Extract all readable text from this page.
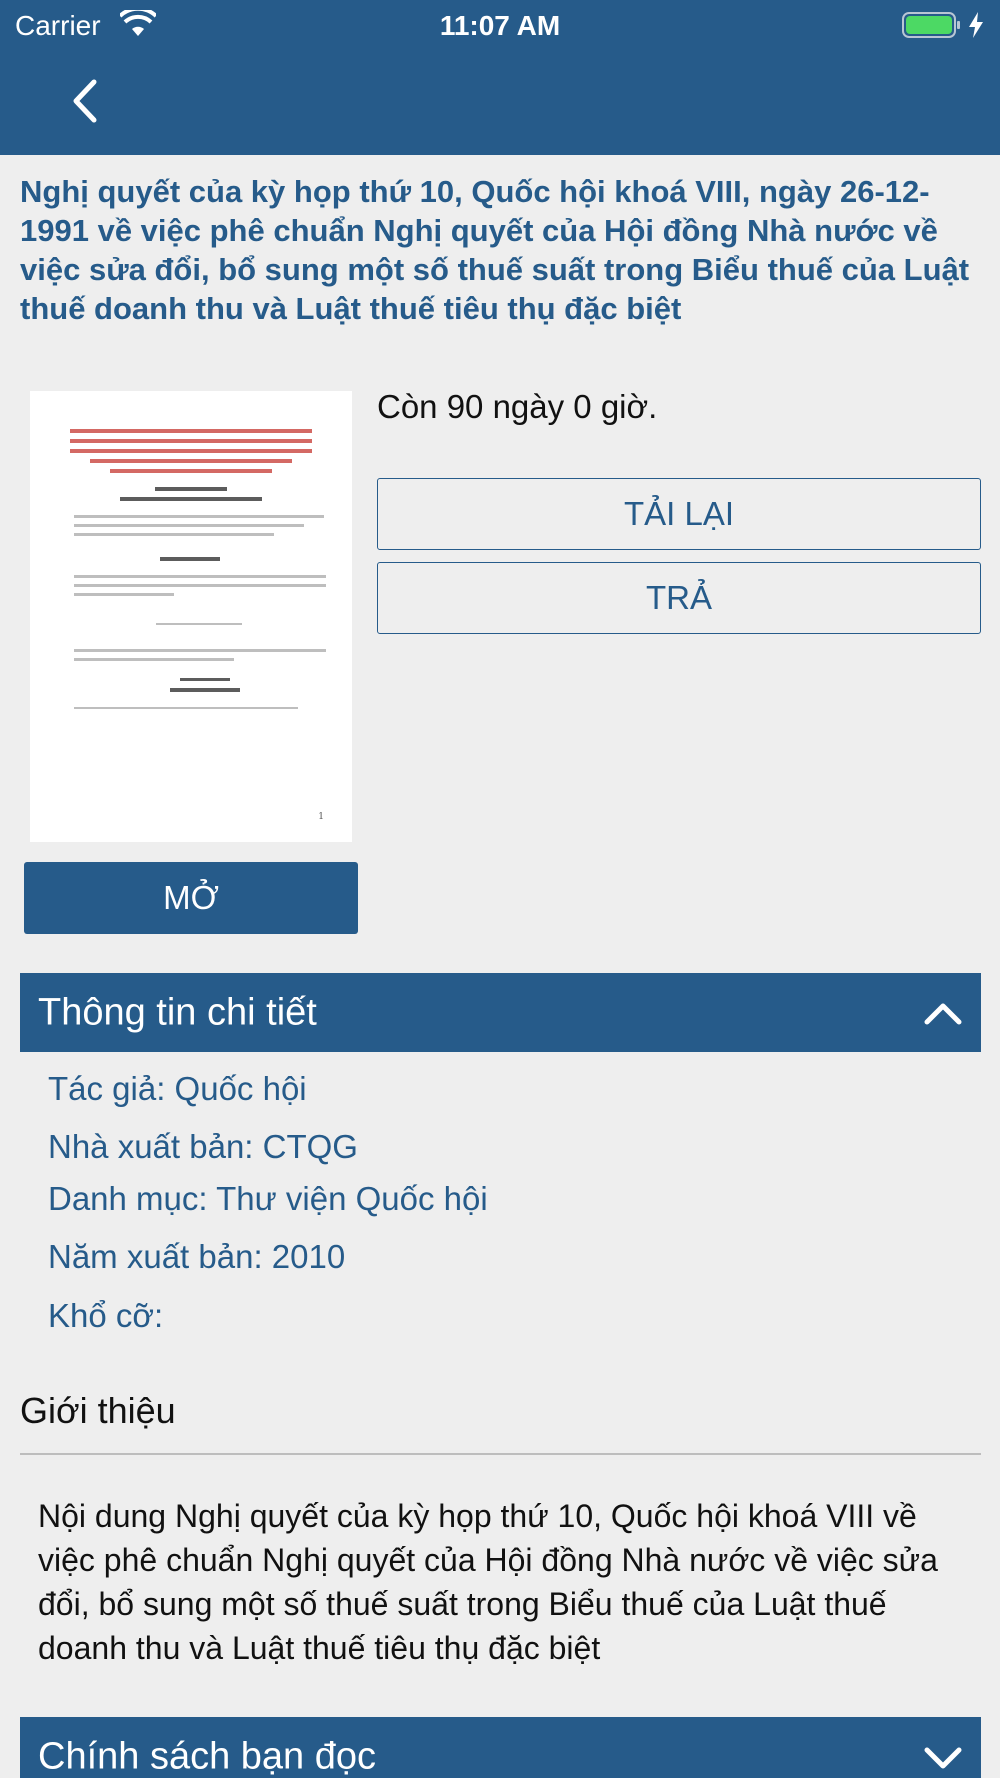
Carrier	11:07 AM
Nghị quyết của kỳ họp thứ 10, Quốc hội khoá VIII, ngày 26-12-1991 về việc phê chuẩn Nghị quyết của Hội đồng Nhà nước về việc sửa đổi, bổ sung một số thuế suất trong Biểu thuế của Luật thuế doanh thu và Luật thuế tiêu thụ đặc biệt
1
MỞ
Còn 90 ngày 0 giờ.
TẢI LẠI
TRẢ
Thông tin chi tiết
Tác giả: Quốc hội
Nhà xuất bản: CTQG
Danh mục: Thư viện Quốc hội
Năm xuất bản: 2010
Khổ cỡ:
Giới thiệu
Nội dung Nghị quyết của kỳ họp thứ 10, Quốc hội khoá VIII về việc phê chuẩn Nghị quyết của Hội đồng Nhà nước về việc sửa đổi, bổ sung một số thuế suất trong Biểu thuế của Luật thuế doanh thu và Luật thuế tiêu thụ đặc biệt
Chính sách bạn đọc
